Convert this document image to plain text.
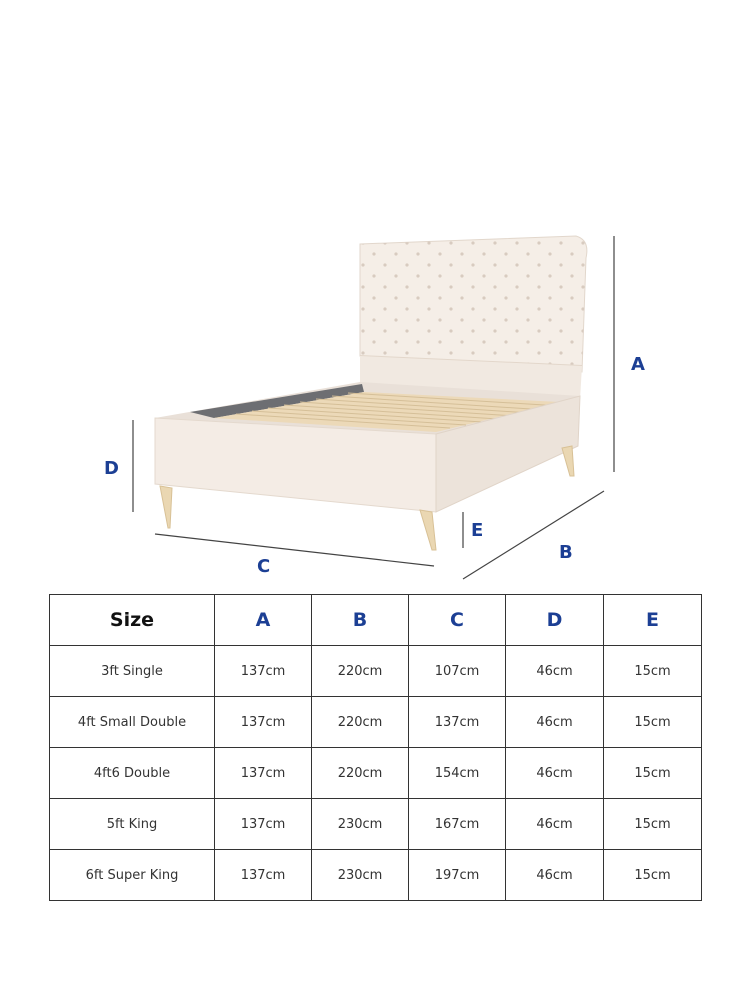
A
B
C
D
E
Size	A	B	C	D	E
3ft Single	137cm	220cm	107cm	46cm	15cm
4ft Small Double	137cm	220cm	137cm	46cm	15cm
4ft6 Double	137cm	220cm	154cm	46cm	15cm
5ft King	137cm	230cm	167cm	46cm	15cm
6ft Super King	137cm	230cm	197cm	46cm	15cm
